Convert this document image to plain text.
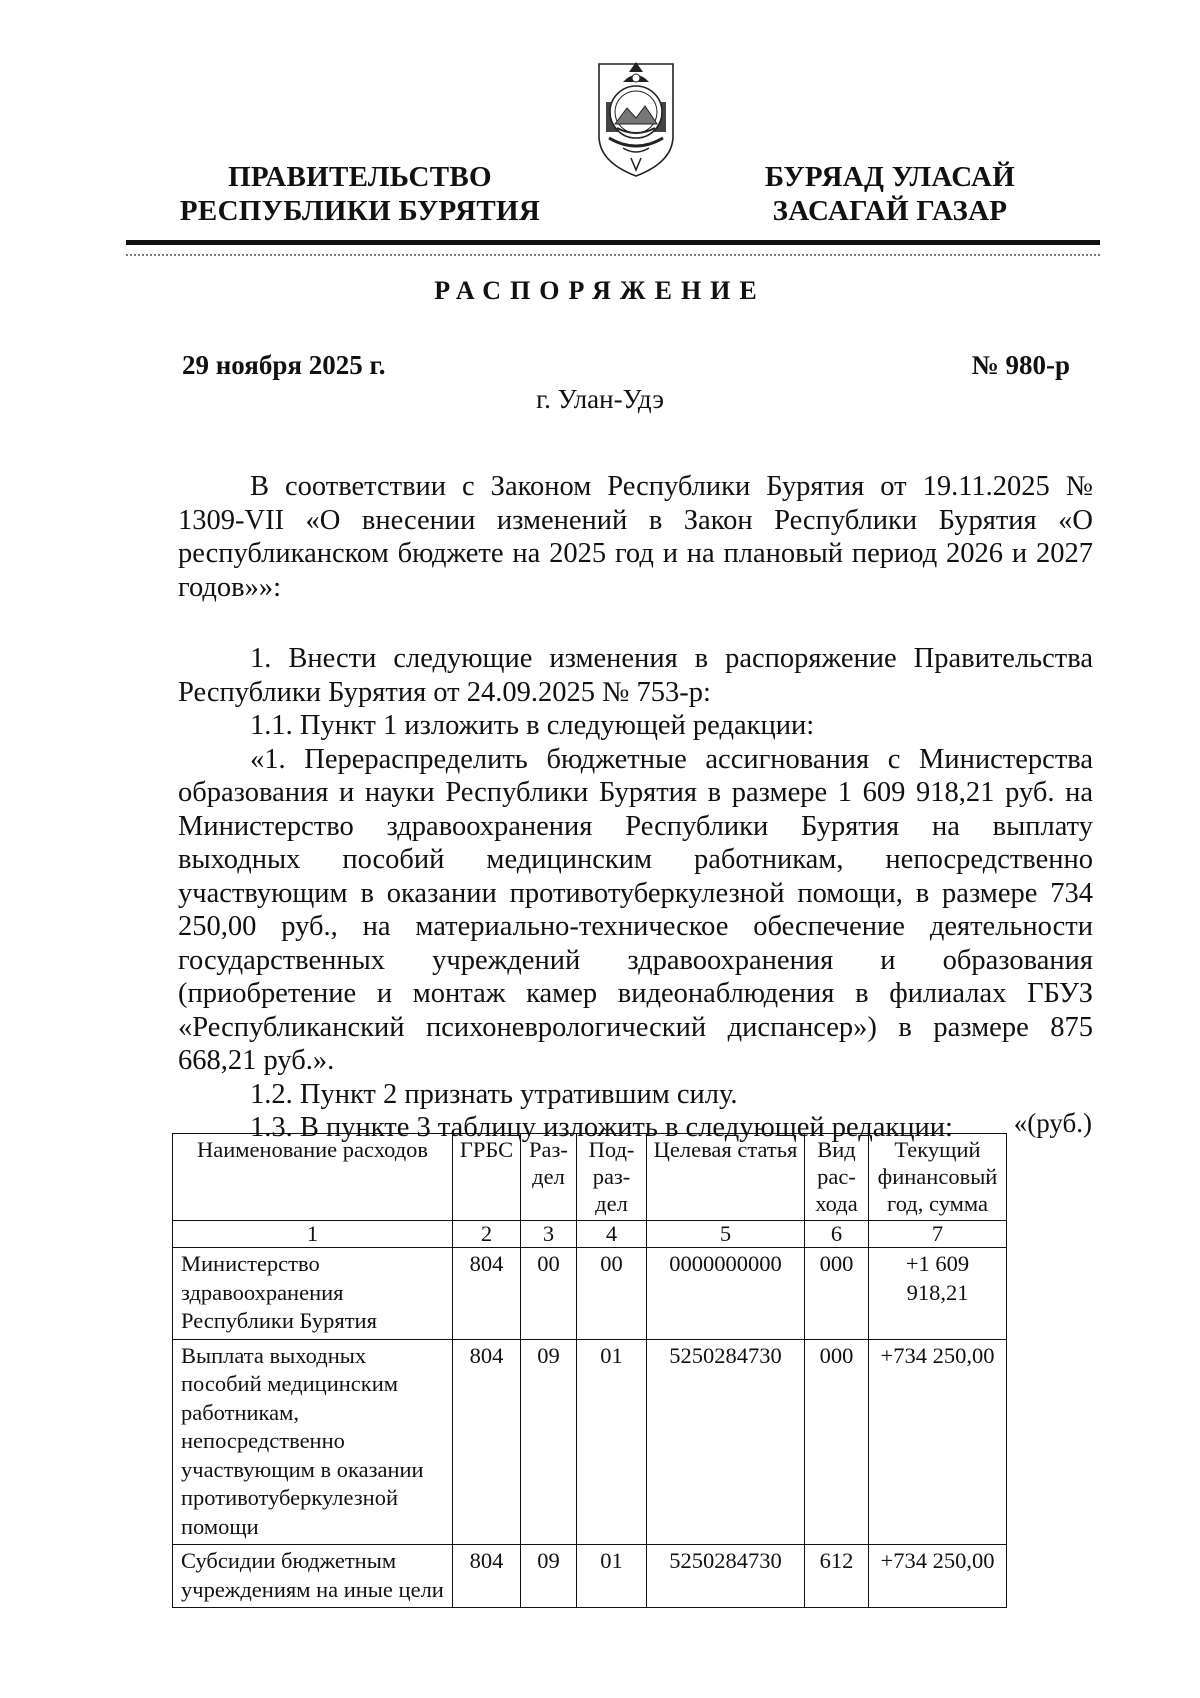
ПРАВИТЕЛЬСТВО
РЕСПУБЛИКИ БУРЯТИЯ
БУРЯАД УЛАСАЙ
ЗАСАГАЙ ГАЗАР
РАСПОРЯЖЕНИЕ
29 ноября 2025 г.	№ 980-р
г. Улан-Удэ

В соответствии с Законом Республики Бурятия от 19.11.2025 № 1309-VII «О внесении изменений в Закон Республики Бурятия «О республиканском бюджете на 2025 год и на плановый период 2026 и 2027 годов»»:

1. Внести следующие изменения в распоряжение Правительства Республики Бурятия от 24.09.2025 № 753-р:

1.1. Пункт 1 изложить в следующей редакции:

«1. Перераспределить бюджетные ассигнования с Министерства образования и науки Республики Бурятия в размере 1 609 918,21 руб. на Министерство здравоохранения Республики Бурятия на выплату выходных пособий медицинским работникам, непосредственно участвующим в оказании противотуберкулезной помощи, в размере 734 250,00 руб., на материально-техническое обеспечение деятельности государственных учреждений здравоохранения и образования (приобретение и монтаж камер видеонаблюдения в филиалах ГБУЗ «Республиканский психоневрологический диспансер») в размере 875 668,21 руб.».

1.2. Пункт 2 признать утратившим силу.

1.3. В пункте 3 таблицу изложить в следующей редакции:	«(руб.)
Наименование расходов	ГРБС	Раз-дел	Под-раз-дел	Целевая статья	Вид рас-хода	Текущий финансовый год, сумма
1	2	3	4	5	6	7
Министерство здравоохранения Республики Бурятия	804	00	00	0000000000	000	+1 609 918,21
Выплата выходных пособий медицинским работникам, непосредственно участвующим в оказании противотуберкулезной помощи	804	09	01	5250284730	000	+734 250,00
Субсидии бюджетным учреждениям на иные цели	804	09	01	5250284730	612	+734 250,00
